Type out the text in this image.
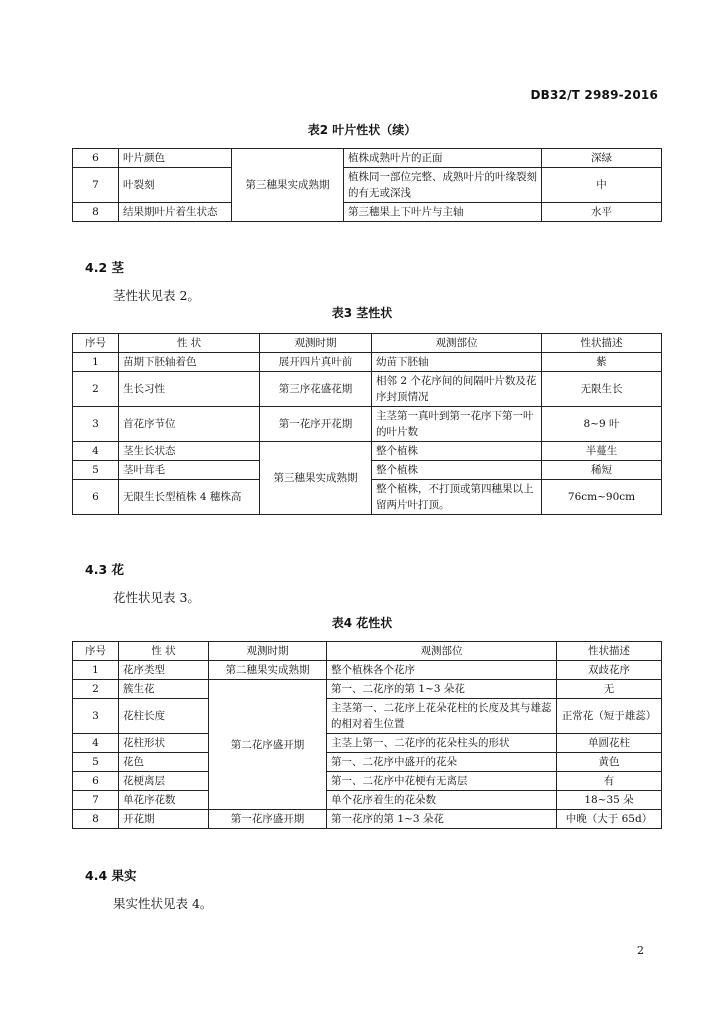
DB32/T 2989-2016
表2 叶片性状（续）
6	叶片颜色	第三穗果实成熟期	植株成熟叶片的正面	深绿
7	叶裂刻		植株同一部位完整、成熟叶片的叶缘裂刻的有无或深浅	中
8	结果期叶片着生状态		第三穗果上下叶片与主轴	水平
4.2 茎
茎性状见表 2。
表3 茎性状
序号	性 状	观测时期	观测部位	性状描述
1	苗期下胚轴着色	展开四片真叶前	幼苗下胚轴	紫
2	生长习性	第三序花盛花期	相邻 2 个花序间的间隔叶片数及花序封顶情况	无限生长
3	首花序节位	第一花序开花期	主茎第一真叶到第一花序下第一叶的叶片数	8~9 叶
4	茎生长状态	第三穗果实成熟期	整个植株	半蔓生
5	茎叶茸毛		整个植株	稀短
6	无限生长型植株 4 穗株高		整个植株，不打顶或第四穗果以上留两片叶打顶。	76cm~90cm
4.3 花
花性状见表 3。
表4 花性状
序号	性 状	观测时期	观测部位	性状描述
1	花序类型	第二穗果实成熟期	整个植株各个花序	双歧花序
2	簇生花	第二花序盛开期	第一、二花序的第 1~3 朵花	无
3	花柱长度		主茎第一、二花序上花朵花柱的长度及其与雄蕊的相对着生位置	正常花（短于雄蕊）
4	花柱形状		主茎上第一、二花序的花朵柱头的形状	单圆花柱
5	花色		第一、二花序中盛开的花朵	黄色
6	花梗离层		第一、二花序中花梗有无离层	有
7	单花序花数		单个花序着生的花朵数	18~35 朵
8	开花期	第一花序盛开期	第一花序的第 1~3 朵花	中晚（大于 65d）
4.4 果实
果实性状见表 4。
2
